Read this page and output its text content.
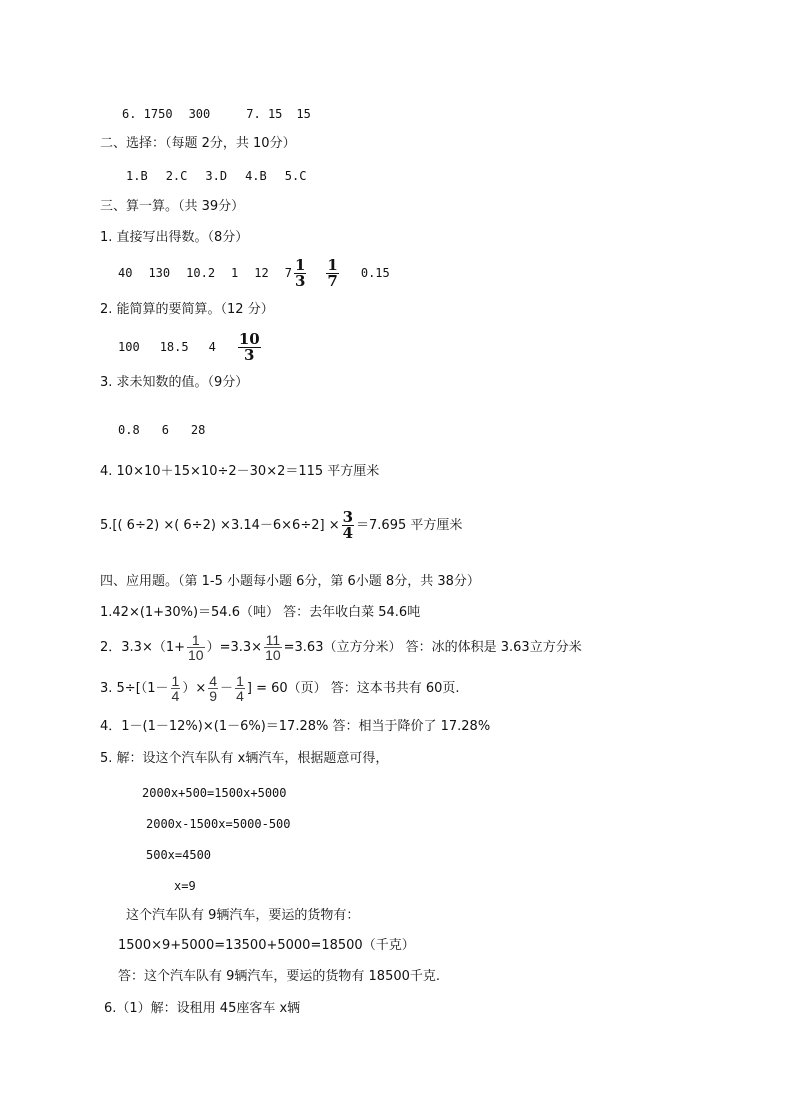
6. 1750 300	7. 15 15
二、选择：（每题 2分，共 10分）
1.B 2.C 3.D 4.B 5.C
三、算一算。（共 39分）
1. 直接写出得数。（8分）
40 130 10.2 1 12 $7 \frac{1}{3} \frac{1}{7} 0.15$
2. 能简算的要简算。（12 分）
100 18.5 $4 \frac{10}{3}$
3. 求未知数的值。（9分）
0.8 6 28
4. 10×10＋15×10÷2－30×2＝115 平方厘米
5.[( 6÷2) ×( $6\div 2) \times 3.14-6\times 6\div 2] \times \frac{3}{4} =7.695$ 平方厘米
四、应用题。（第 1-5 小题每小题 6分，第 6小题 8分，共 38分）
1.42×(1+30%)＝54.6（吨） 答：去年收白菜 54.6吨
2．$3.3\times(1+ \frac{1}{10} )=3.3\times \frac{11}{10} =3.63$（立方分米） 答：冰的体积是 3.63立方分米
3. $5\div[(1- \frac{1}{4}$ ）× $\frac{4}{9} - \frac{1}{4}$ ] = 60（页） 答：这本书共有 60页.
4．1－(1－12%)×(1－6%)＝17.28% 答：相当于降价了 17.28%
5. 解：设这个汽车队有 x辆汽车，根据题意可得，
2000x+500=1500x+5000
2000x-1500x=5000-500
500x=4500
x=9
这个汽车队有 9辆汽车，要运的货物有：
1500×9+5000=13500+5000=18500（千克）
答：这个汽车队有 9辆汽车，要运的货物有 18500千克.
6.（1）解：设租用 45座客车 x辆
